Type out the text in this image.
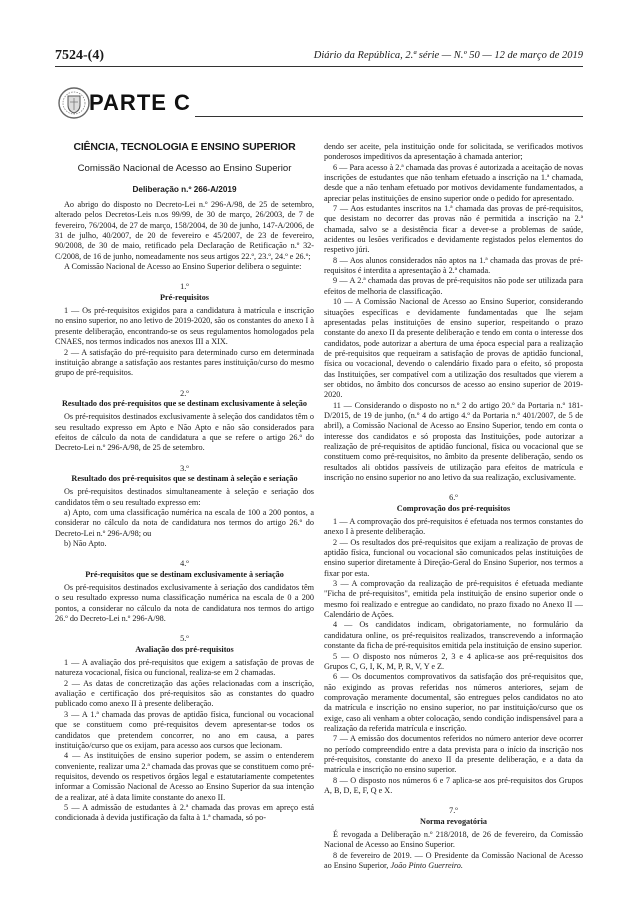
7524-(4)	Diário da República, 2.ª série — N.º 50 — 12 de março de 2019
PARTE C
CIÊNCIA, TECNOLOGIA E ENSINO SUPERIOR
Comissão Nacional de Acesso ao Ensino Superior
Deliberação n.º 266-A/2019

Ao abrigo do disposto no Decreto-Lei n.º 296-A/98, de 25 de setembro, alterado pelos Decretos-Leis n.os 99/99, de 30 de março, 26/2003, de 7 de fevereiro, 76/2004, de 27 de março, 158/2004, de 30 de junho, 147-A/2006, de 31 de julho, 40/2007, de 20 de fevereiro e 45/2007, de 23 de fevereiro, 90/2008, de 30 de maio, retificado pela Declaração de Retificação n.º 32-C/2008, de 16 de junho, nomeadamente nos seus artigos 22.º, 23.º, 24.º e 26.º;

A Comissão Nacional de Acesso ao Ensino Superior delibera o seguinte:

1.º
Pré-requisitos

1 — Os pré-requisitos exigidos para a candidatura à matrícula e inscrição no ensino superior, no ano letivo de 2019-2020, são os constantes do anexo I à presente deliberação, encontrando-se os seus regulamentos homologados pela CNAES, nos termos indicados nos anexos III a XIX.

2 — A satisfação do pré-requisito para determinado curso em determinada instituição abrange a satisfação aos restantes pares instituição/curso do mesmo grupo de pré-requisitos.

2.º
Resultado dos pré-requisitos que se destinam exclusivamente à seleção

Os pré-requisitos destinados exclusivamente à seleção dos candidatos têm o seu resultado expresso em Apto e Não Apto e não são considerados para efeitos de cálculo da nota de candidatura a que se refere o artigo 26.º do Decreto-Lei n.º 296-A/98, de 25 de setembro.

3.º
Resultado dos pré-requisitos que se destinam à seleção e seriação

Os pré-requisitos destinados simultaneamente à seleção e seriação dos candidatos têm o seu resultado expresso em:

a) Apto, com uma classificação numérica na escala de 100 a 200 pontos, a considerar no cálculo da nota de candidatura nos termos do artigo 26.º do Decreto-Lei n.º 296-A/98; ou

b) Não Apto.

4.º
Pré-requisitos que se destinam exclusivamente à seriação

Os pré-requisitos destinados exclusivamente à seriação dos candidatos têm o seu resultado expresso numa classificação numérica na escala de 0 a 200 pontos, a considerar no cálculo da nota de candidatura nos termos do artigo 26.º do Decreto-Lei n.º 296-A/98.

5.º
Avaliação dos pré-requisitos

1 — A avaliação dos pré-requisitos que exigem a satisfação de provas de natureza vocacional, física ou funcional, realiza-se em 2 chamadas.

2 — As datas de concretização das ações relacionadas com a inscrição, avaliação e certificação dos pré-requisitos são as constantes do quadro publicado como anexo II à presente deliberação.

3 — A 1.ª chamada das provas de aptidão física, funcional ou vocacional que se constituem como pré-requisitos devem apresentar-se todos os candidatos que pretendem concorrer, no ano em causa, a pares instituição/curso que os exijam, para acesso aos cursos que lecionam.

4 — As instituições de ensino superior podem, se assim o entenderem conveniente, realizar uma 2.ª chamada das provas que se constituem como pré-requisitos, devendo os respetivos órgãos legal e estatutariamente competentes informar a Comissão Nacional de Acesso ao Ensino Superior da sua intenção de a realizar, até à data limite constante do anexo II.

5 — A admissão de estudantes à 2.ª chamada das provas em apreço está condicionada à devida justificação da falta à 1.ª chamada, só po-

dendo ser aceite, pela instituição onde for solicitada, se verificados motivos ponderosos impeditivos da apresentação à chamada anterior;

6 — Para acesso à 2.ª chamada das provas é autorizada a aceitação de novas inscrições de estudantes que não tenham efetuado a inscrição na 1.ª chamada, desde que a não tenham efetuado por motivos devidamente fundamentados, a apreciar pelas instituições de ensino superior onde o pedido for apresentado.

7 — Aos estudantes inscritos na 1.ª chamada das provas de pré-requisitos, que desistam no decorrer das provas não é permitida a inscrição na 2.ª chamada, salvo se a desistência ficar a dever-se a problemas de saúde, acidentes ou lesões verificados e devidamente registados pelos elementos do respetivo júri.

8 — Aos alunos considerados não aptos na 1.ª chamada das provas de pré-requisitos é interdita a apresentação à 2.ª chamada.

9 — A 2.ª chamada das provas de pré-requisitos não pode ser utilizada para efeitos de melhoria de classificação.

10 — A Comissão Nacional de Acesso ao Ensino Superior, considerando situações específicas e devidamente fundamentadas que lhe sejam apresentadas pelas instituições de ensino superior, respeitando o prazo constante do anexo II da presente deliberação e tendo em conta o interesse dos candidatos, pode autorizar a abertura de uma época especial para a realização de pré-requisitos que requeiram a satisfação de provas de aptidão funcional, física ou vocacional, devendo o calendário fixado para o efeito, só proposta das Instituições, ser compatível com a utilização dos resultados que vierem a ser obtidos, no âmbito dos concursos de acesso ao ensino superior de 2019-2020.

11 — Considerando o disposto no n.º 2 do artigo 20.º da Portaria n.º 181-D/2015, de 19 de junho, (n.º 4 do artigo 4.º da Portaria n.º 401/2007, de 5 de abril), a Comissão Nacional de Acesso ao Ensino Superior, tendo em conta o interesse dos candidatos e só proposta das Instituições, pode autorizar a realização de pré-requisitos de aptidão funcional, física ou vocacional que se constituem como pré-requisitos, no âmbito da presente deliberação, sendo os resultados ali obtidos passíveis de utilização para efeitos de matrícula e inscrição no ensino superior no ano letivo da sua realização, exclusivamente.

6.º
Comprovação dos pré-requisitos

1 — A comprovação dos pré-requisitos é efetuada nos termos constantes do anexo I à presente deliberação.

2 — Os resultados dos pré-requisitos que exijam a realização de provas de aptidão física, funcional ou vocacional são comunicados pelas instituições de ensino superior diretamente à Direção-Geral do Ensino Superior, nos termos a fixar por esta.

3 — A comprovação da realização de pré-requisitos é efetuada mediante "Ficha de pré-requisitos", emitida pela instituição de ensino superior onde o mesmo foi realizado e entregue ao candidato, no prazo fixado no Anexo II — Calendário de Ações.

4 — Os candidatos indicam, obrigatoriamente, no formulário da candidatura online, os pré-requisitos realizados, transcrevendo a informação constante da ficha de pré-requisitos emitida pela instituição de ensino superior.

5 — O disposto nos números 2, 3 e 4 aplica-se aos pré-requisitos dos Grupos C, G, I, K, M, P, R, V, Y e Z.

6 — Os documentos comprovativos da satisfação dos pré-requisitos que, não exigindo as provas referidas nos números anteriores, sejam de comprovação meramente documental, são entregues pelos candidatos no ato da matrícula e inscrição no ensino superior, no par instituição/curso que os exige, caso ali venham a obter colocação, sendo condição indispensável para a realização da referida matrícula e inscrição.

7 — A emissão dos documentos referidos no número anterior deve ocorrer no período compreendido entre a data prevista para o início da inscrição nos pré-requisitos, constante do anexo II da presente deliberação, e a data da matrícula e inscrição no ensino superior.

8 — O disposto nos números 6 e 7 aplica-se aos pré-requisitos dos Grupos A, B, D, E, F, Q e X.

7.º
Norma revogatória

É revogada a Deliberação n.º 218/2018, de 26 de fevereiro, da Comissão Nacional de Acesso ao Ensino Superior.

8 de fevereiro de 2019. — O Presidente da Comissão Nacional de Acesso ao Ensino Superior, João Pinto Guerreiro.
